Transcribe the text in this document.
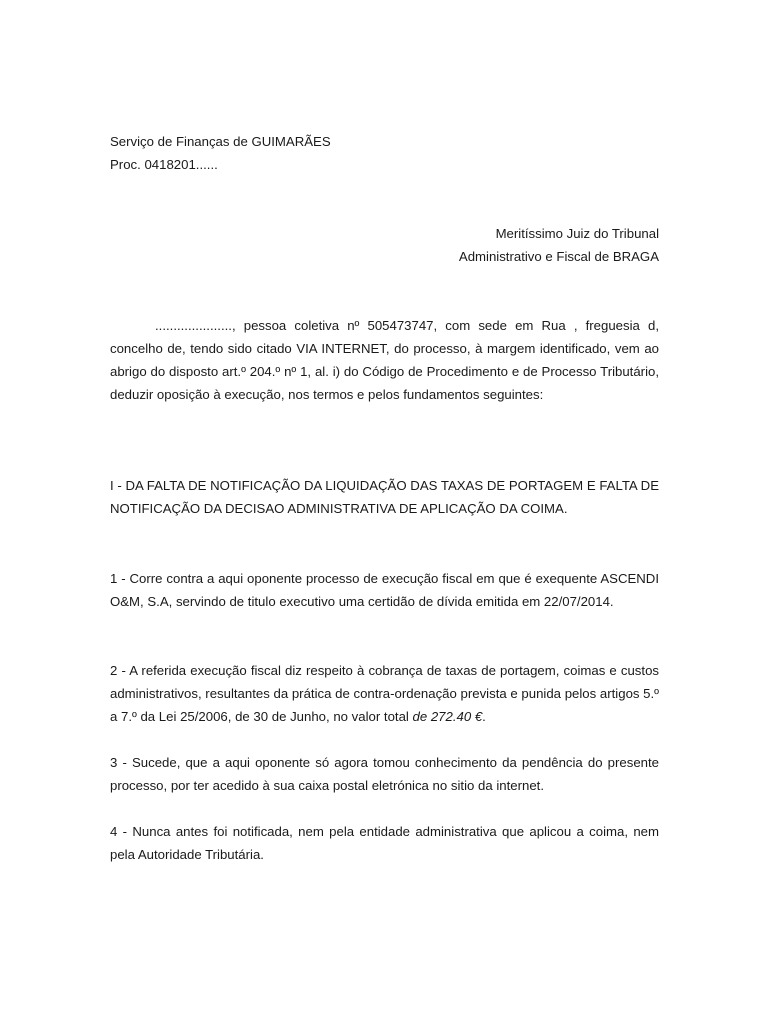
Serviço de Finanças de GUIMARÃES
Proc. 0418201......
Meritíssimo Juiz do Tribunal
Administrativo e Fiscal de BRAGA
....................., pessoa coletiva nº 505473747, com sede em Rua , freguesia d, concelho de, tendo sido citado VIA INTERNET, do processo, à margem identificado, vem ao abrigo do disposto art.º 204.º nº 1, al. i) do Código de Procedimento e de Processo Tributário, deduzir oposição à execução, nos termos e pelos fundamentos seguintes:
I - DA FALTA DE NOTIFICAÇÃO DA LIQUIDAÇÃO DAS TAXAS DE PORTAGEM E FALTA DE NOTIFICAÇÃO DA DECISAO ADMINISTRATIVA DE APLICAÇÃO DA COIMA.
1 - Corre contra a aqui oponente processo de execução fiscal em que é exequente ASCENDI O&M, S.A, servindo de titulo executivo uma certidão de dívida emitida em 22/07/2014.
2 - A referida execução fiscal diz respeito à cobrança de taxas de portagem, coimas e custos administrativos, resultantes da prática de contra-ordenação prevista e punida pelos artigos 5.º a 7.º da Lei 25/2006, de 30 de Junho, no valor total de 272.40 €.
3 - Sucede, que a aqui oponente só agora tomou conhecimento da pendência do presente processo, por ter acedido à sua caixa postal eletrónica no sitio da internet.
4 - Nunca antes foi notificada, nem pela entidade administrativa que aplicou a coima, nem pela Autoridade Tributária.
